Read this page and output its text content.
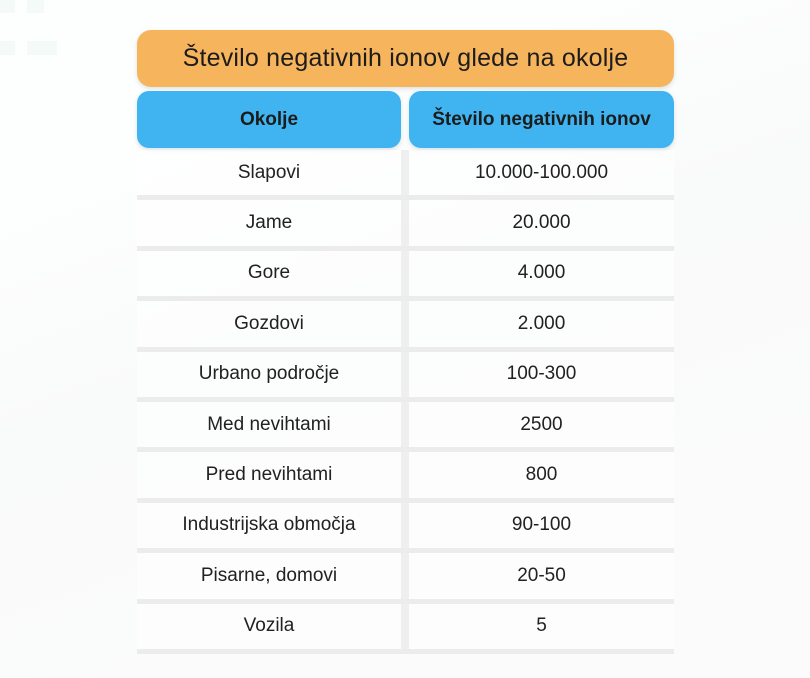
Število negativnih ionov glede na okolje
Okolje	Število negativnih ionov
Slapovi	10.000-100.000
Jame	20.000
Gore	4.000
Gozdovi	2.000
Urbano področje	100-300
Med nevihtami	2500
Pred nevihtami	800
Industrijska območja	90-100
Pisarne, domovi	20-50
Vozila	5
